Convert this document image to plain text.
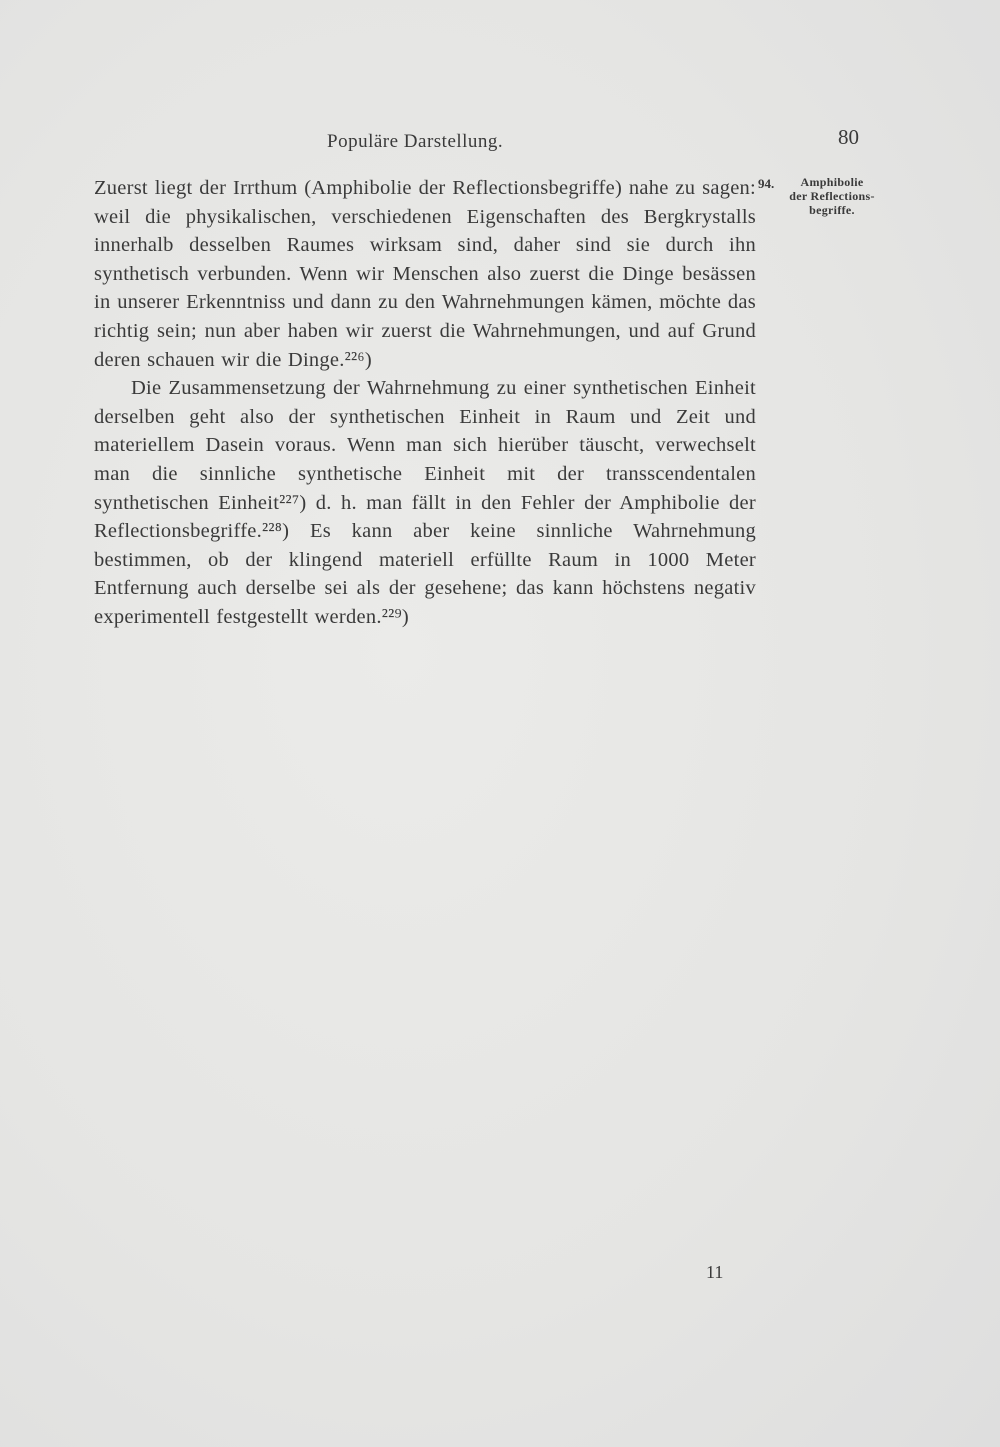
Populäre Darstellung.	80

Zuerst liegt der Irrthum (Amphibolie der Reflectionsbegriffe) nahe zu sagen: weil die physikalischen, verschiedenen Eigenschaften des Bergkrystalls innerhalb desselben Raumes wirksam sind, daher sind sie durch ihn synthetisch verbunden. Wenn wir Menschen also zuerst die Dinge besässen in unserer Erkenntniss und dann zu den Wahrnehmungen kämen, möchte das richtig sein; nun aber haben wir zuerst die Wahrnehmungen, und auf Grund deren schauen wir die Dinge.²²⁶)

Die Zusammensetzung der Wahrnehmung zu einer synthetischen Einheit derselben geht also der synthetischen Einheit in Raum und Zeit und materiellem Dasein voraus. Wenn man sich hierüber täuscht, verwechselt man die sinnliche synthetische Einheit mit der transscendentalen synthetischen Einheit²²⁷) d. h. man fällt in den Fehler der Amphibolie der Reflectionsbegriffe.²²⁸) Es kann aber keine sinnliche Wahrnehmung bestimmen, ob der klingend materiell erfüllte Raum in 1000 Meter Entfernung auch derselbe sei als der gesehene; das kann höchstens negativ experimentell festgestellt werden.²²⁹)

94.	Amphibolie
der Reflections-
begriffe.
11
